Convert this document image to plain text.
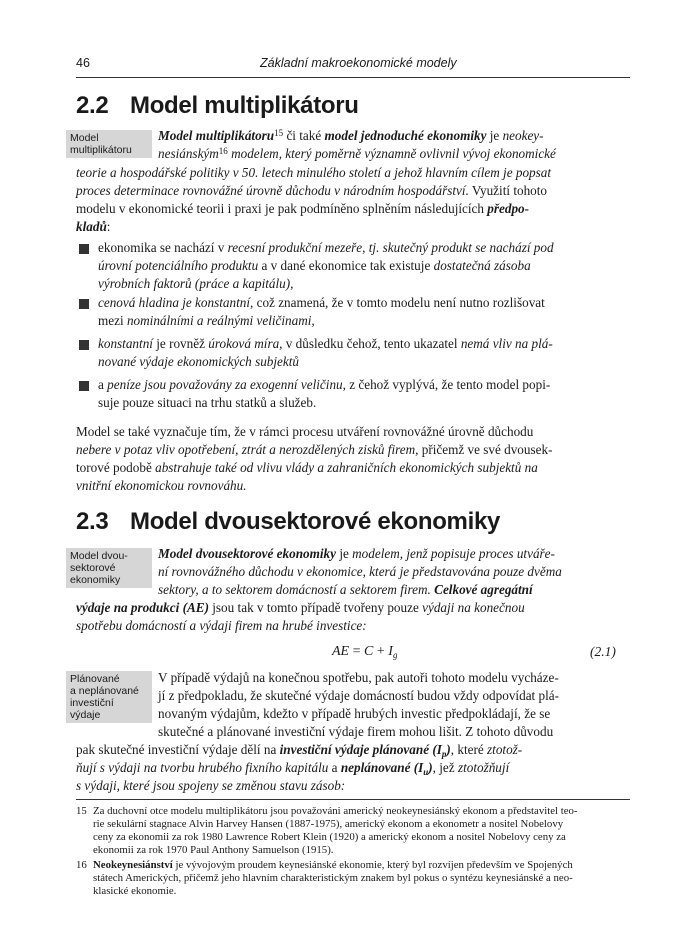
46	Základní makroekonomické modely
2.2 Model multiplikátoru
Model
multiplikátoru
Model multiplikátoru$^{15}$ či také model jednoduché ekonomiky je neokey-
nesiánským$^{16}$ modelem, který poměrně významně ovlivnil vývoj ekonomické
teorie a hospodářské politiky v 50. letech minulého století a jehož hlavním cílem je popsat
proces determinace rovnovážné úrovně důchodu v národním hospodářství. Využití tohoto
modelu v ekonomické teorii i praxi je pak podmíněno splněním následujících předpo-
kladů:
ekonomika se nachází v recesní produkční mezeře, tj. skutečný produkt se nachází pod
úrovní potenciálního produktu a v dané ekonomice tak existuje dostatečná zásoba
výrobních faktorů (práce a kapitálu),
cenová hladina je konstantní, což znamená, že v tomto modelu není nutno rozlišovat
mezi nominálními a reálnými veličinami,
konstantní je rovněž úroková míra, v důsledku čehož, tento ukazatel nemá vliv na plá-
nované výdaje ekonomických subjektů
a peníze jsou považovány za exogenní veličinu, z čehož vyplývá, že tento model popi-
suje pouze situaci na trhu statků a služeb.
Model se také vyznačuje tím, že v rámci procesu utváření rovnovážné úrovně důchodu
nebere v potaz vliv opotřebení, ztrát a nerozdělených zisků firem, přičemž ve své dvousek-
torové podobě abstrahuje také od vlivu vlády a zahraničních ekonomických subjektů na
vnitřní ekonomickou rovnováhu.
2.3 Model dvousektorové ekonomiky
Model dvou-
sektorové
ekonomiky
Model dvousektorové ekonomiky je modelem, jenž popisuje proces utváře-
ní rovnovážného důchodu v ekonomice, která je představována pouze dvěma
sektory, a to sektorem domácností a sektorem firem. Celkové agregátní
výdaje na produkci (AE) jsou tak v tomto případě tvořeny pouze výdaji na konečnou
spotřebu domácností a výdaji firem na hrubé investice:
AE = $C + I_g$	(2.1)
Plánované
a neplánované
investiční
výdaje
V případě výdajů na konečnou spotřebu, pak autoři tohoto modelu vycháze-
jí z předpokladu, že skutečné výdaje domácností budou vždy odpovídat plá-
novaným výdajům, kdežto v případě hrubých investic předpokládají, že se
skutečné a plánované investiční výdaje firem mohou lišit. Z tohoto důvodu
pak skutečné investiční výdaje dělí na investiční výdaje plánované $(I_p)$, které ztotož-
ňují s výdaji na tvorbu hrubého fixního kapitálu a neplánované $(I_u)$, jež ztotožňují
s výdaji, které jsou spojeny se změnou stavu zásob:
15 Za duchovní otce modelu multiplikátoru jsou považováni americký neokeynesiánský ekonom a představitel teo-
rie sekulární stagnace Alvin Harvey Hansen (1887-1975), americký ekonom a ekonometr a nositel Nobelovy
ceny za ekonomii za rok 1980 Lawrence Robert Klein (1920) a americký ekonom a nositel Nobelovy ceny za
ekonomii za rok 1970 Paul Anthony Samuelson (1915).
16 Neokeynesiánství je vývojovým proudem keynesiánské ekonomie, který byl rozvíjen především ve Spojených
státech Amerických, přičemž jeho hlavním charakteristickým znakem byl pokus o syntézu keynesiánské a neo-
klasické ekonomie.
